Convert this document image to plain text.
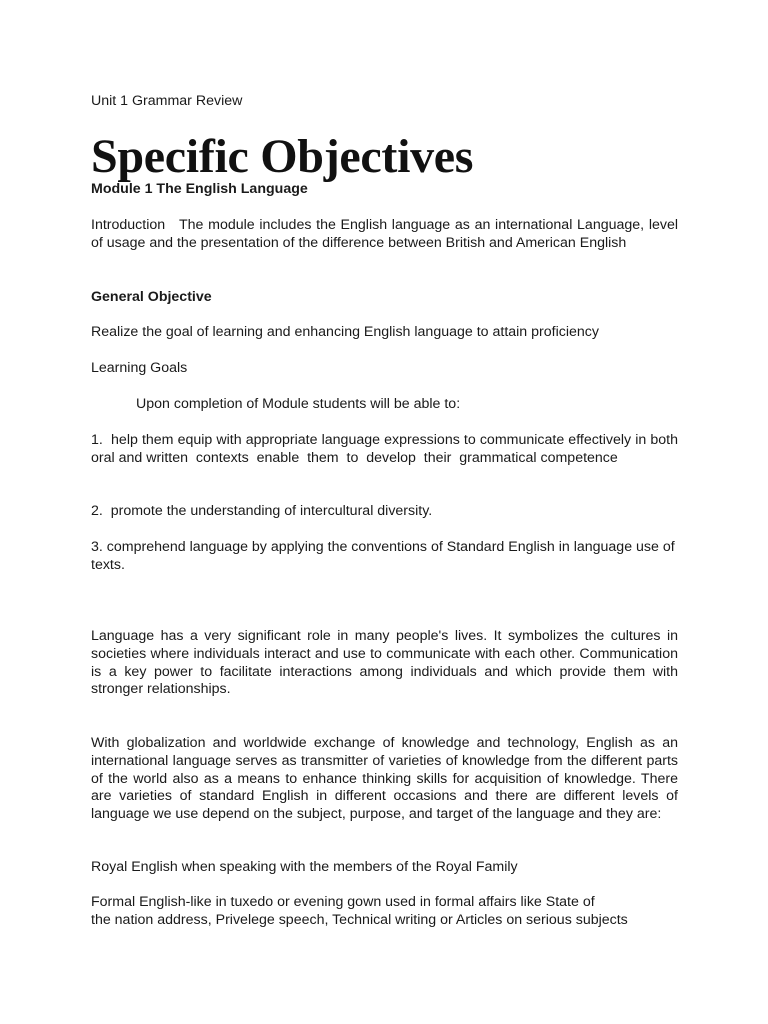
Unit 1 Grammar Review

Specific Objectives

Module 1 The English Language

Introduction   The module includes the English language as an international Language, level of usage and the presentation of the difference between British and American English

General Objective

Realize the goal of learning and enhancing English language to attain proficiency

Learning Goals

Upon completion of Module students will be able to:

1.  help them equip with appropriate language expressions to communicate effectively in both oral and written  contexts  enable  them  to  develop  their  grammatical competence

2.  promote the understanding of intercultural diversity.

3. comprehend language by applying the conventions of Standard English in language use of texts.

Language has a very significant role in many people's lives. It symbolizes the cultures in societies where individuals interact and use to communicate with each other. Communication is a key power to facilitate interactions among individuals and which provide them with stronger relationships.

With globalization and worldwide exchange of knowledge and technology, English as an international language serves as transmitter of varieties of knowledge from the different parts of the world also as a means to enhance thinking skills for acquisition of knowledge. There are varieties of standard English in different occasions and there are different levels of language we use depend on the subject, purpose, and target of the language and they are:

Royal English when speaking with the members of the Royal Family

Formal English-like in tuxedo or evening gown used in formal affairs like State of
the nation address, Privelege speech, Technical writing or Articles on serious subjects
